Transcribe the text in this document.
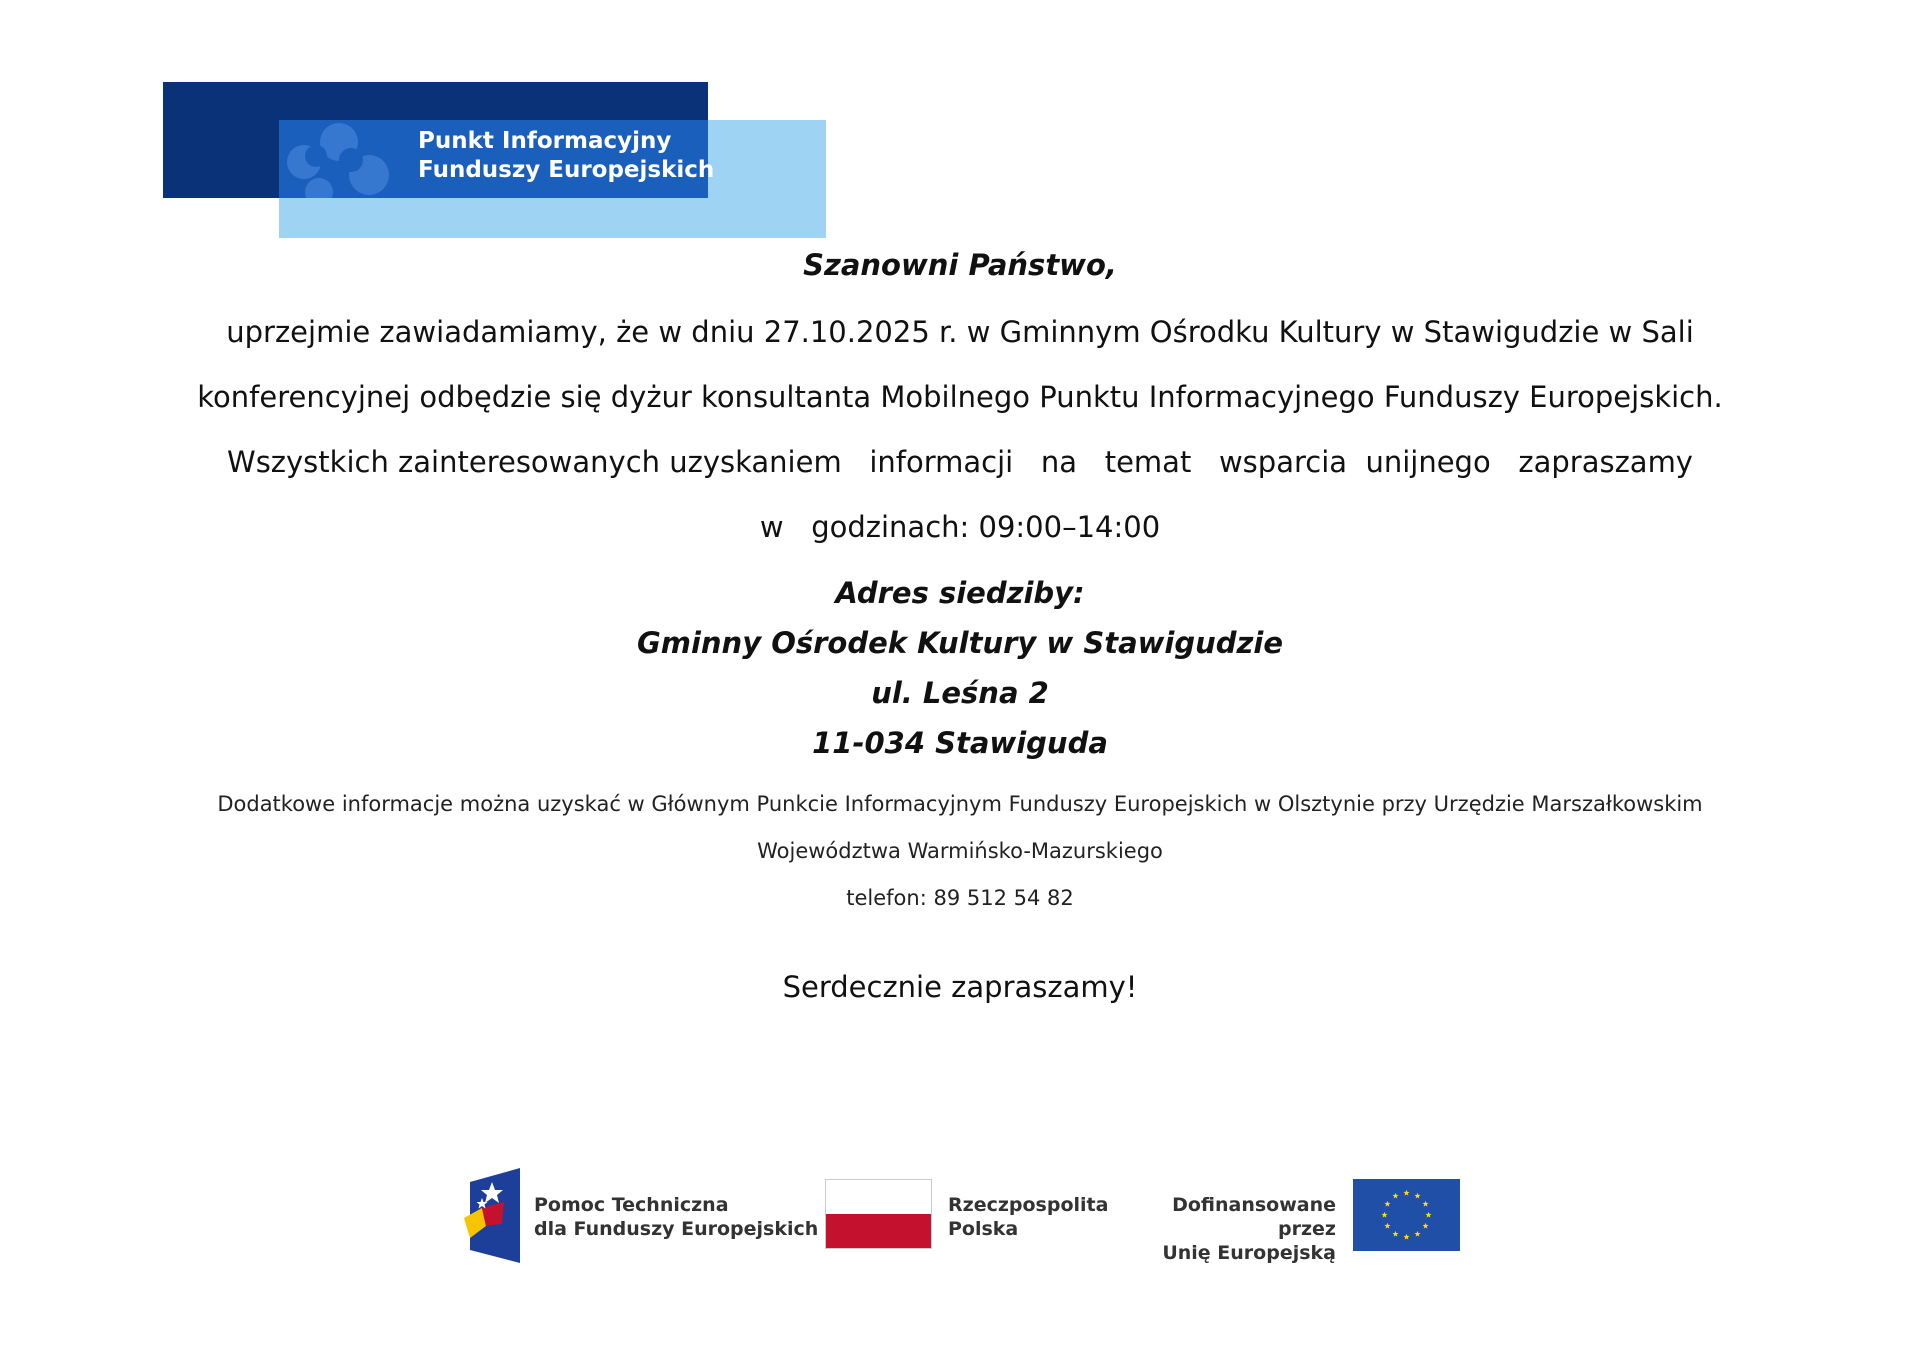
Punkt Informacyjny
Funduszy Europejskich
Szanowni Państwo,
uprzejmie zawiadamiamy, że w dniu 27.10.2025 r. w Gminnym Ośrodku Kultury w Stawigudzie w Sali
konferencyjnej odbędzie się dyżur konsultanta Mobilnego Punktu Informacyjnego Funduszy Europejskich.
Wszystkich zainteresowanych uzyskaniem   informacji   na   temat   wsparcia  unijnego   zapraszamy
w   godzinach: 09:00–14:00
Adres siedziby:
Gminny Ośrodek Kultury w Stawigudzie
ul. Leśna 2
11-034 Stawiguda
Dodatkowe informacje można uzyskać w Głównym Punkcie Informacyjnym Funduszy Europejskich w Olsztynie przy Urzędzie Marszałkowskim
Województwa Warmińsko-Mazurskiego
telefon: 89 512 54 82
Serdecznie zapraszamy!
Pomoc Techniczna
dla Funduszy Europejskich
Rzeczpospolita
Polska
Dofinansowane przez
Unię Europejską
